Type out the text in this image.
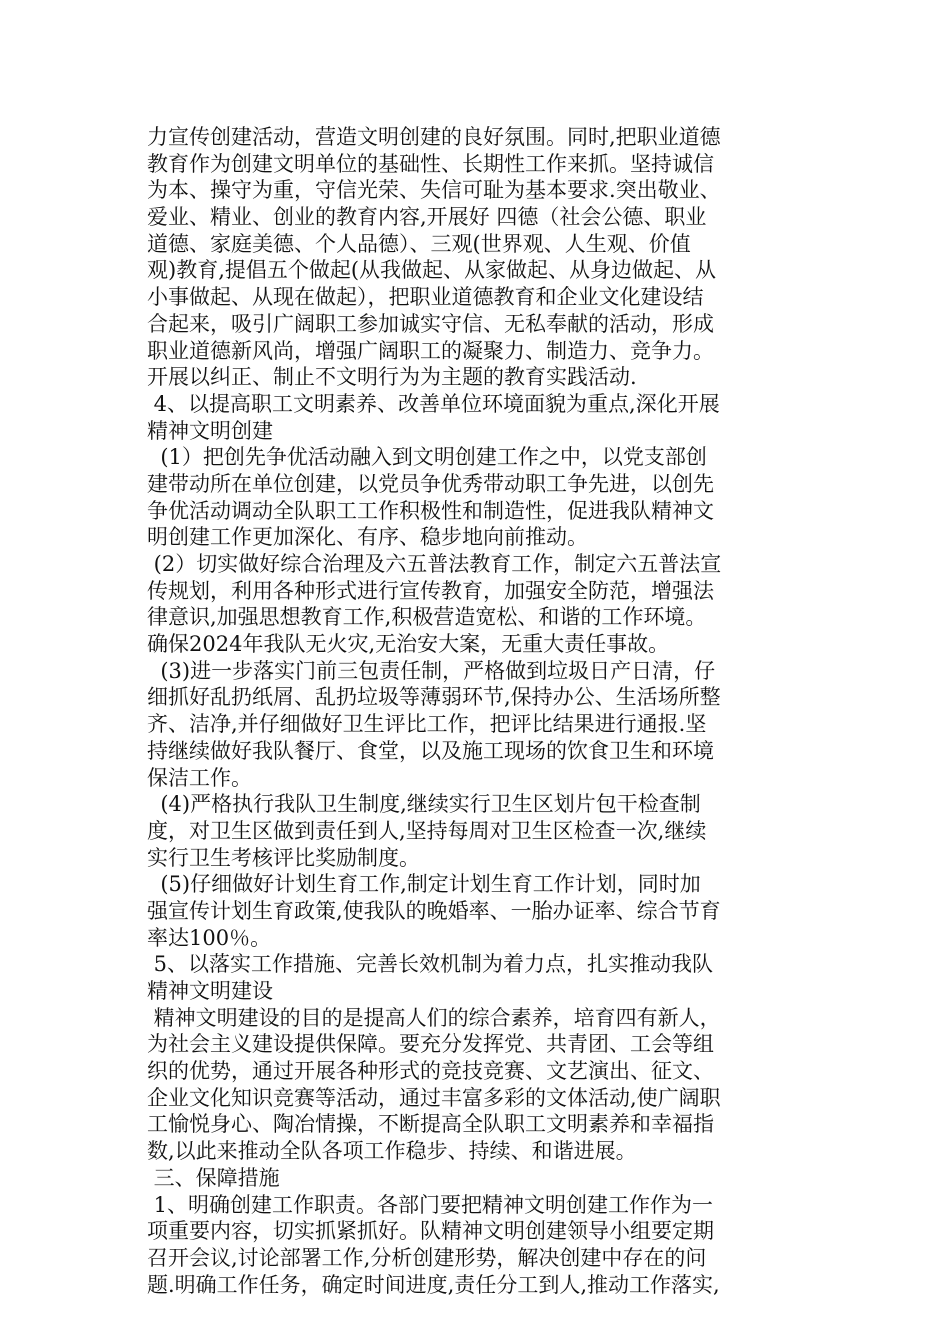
力宣传创建活动，营造文明创建的良好氛围。同时,把职业道德
教育作为创建文明单位的基础性、长期性工作来抓。坚持诚信
为本、操守为重，守信光荣、失信可耻为基本要求.突出敬业、
爱业、精业、创业的教育内容,开展好 四德（社会公德、职业
道德、家庭美德、个人品德）、三观(世界观、人生观、价值
观)教育,提倡五个做起(从我做起、从家做起、从身边做起、从
小事做起、从现在做起），把职业道德教育和企业文化建设结
合起来，吸引广阔职工参加诚实守信、无私奉献的活动，形成
职业道德新风尚，增强广阔职工的凝聚力、制造力、竞争力。
开展以纠正、制止不文明行为为主题的教育实践活动.
4、以提高职工文明素养、改善单位环境面貌为重点,深化开展
精神文明创建
(1）把创先争优活动融入到文明创建工作之中，以党支部创
建带动所在单位创建，以党员争优秀带动职工争先进，以创先
争优活动调动全队职工工作积极性和制造性，促进我队精神文
明创建工作更加深化、有序、稳步地向前推动。
(2）切实做好综合治理及六五普法教育工作，制定六五普法宣
传规划，利用各种形式进行宣传教育，加强安全防范，增强法
律意识,加强思想教育工作,积极营造宽松、和谐的工作环境。
确保2024年我队无火灾,无治安大案，无重大责任事故。
(3)进一步落实门前三包责任制，严格做到垃圾日产日清，仔
细抓好乱扔纸屑、乱扔垃圾等薄弱环节,保持办公、生活场所整
齐、洁净,并仔细做好卫生评比工作，把评比结果进行通报.坚
持继续做好我队餐厅、食堂，以及施工现场的饮食卫生和环境
保洁工作。
(4)严格执行我队卫生制度,继续实行卫生区划片包干检查制
度，对卫生区做到责任到人,坚持每周对卫生区检查一次,继续
实行卫生考核评比奖励制度。
(5)仔细做好计划生育工作,制定计划生育工作计划，同时加
强宣传计划生育政策,使我队的晚婚率、一胎办证率、综合节育
率达100％。
5、以落实工作措施、完善长效机制为着力点，扎实推动我队
精神文明建设
精神文明建设的目的是提高人们的综合素养，培育四有新人，
为社会主义建设提供保障。要充分发挥党、共青团、工会等组
织的优势，通过开展各种形式的竞技竞赛、文艺演出、征文、
企业文化知识竞赛等活动，通过丰富多彩的文体活动,使广阔职
工愉悦身心、陶冶情操，不断提高全队职工文明素养和幸福指
数,以此来推动全队各项工作稳步、持续、和谐进展。
三、保障措施
1、明确创建工作职责。各部门要把精神文明创建工作作为一
项重要内容，切实抓紧抓好。队精神文明创建领导小组要定期
召开会议,讨论部署工作,分析创建形势，解决创建中存在的问
题.明确工作任务，确定时间进度,责任分工到人,推动工作落实,
